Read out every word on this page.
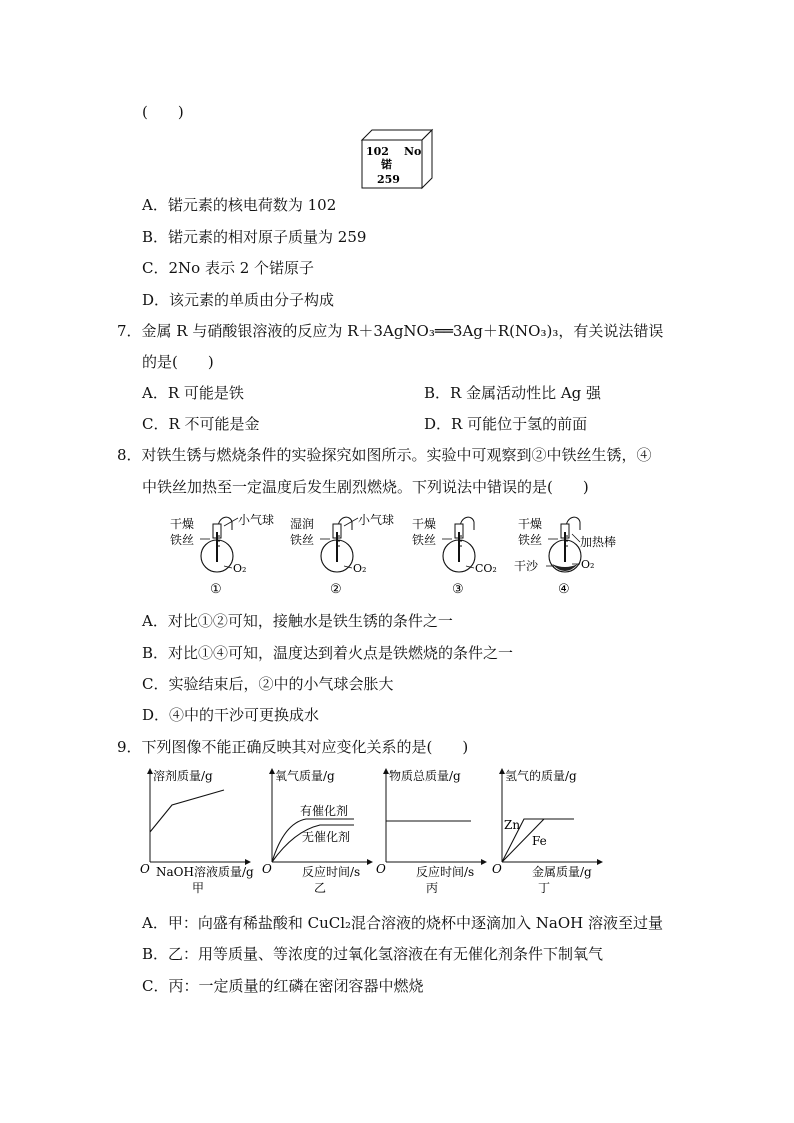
(　　)
102 No
锘
259
A．锘元素的核电荷数为 102
B．锘元素的相对原子质量为 259
C．2No 表示 2 个锘原子
D．该元素的单质由分子构成
7．金属 R 与硝酸银溶液的反应为 R＋3AgNO₃══3Ag＋R(NO₃)₃，有关说法错误
的是(　　)
A．R 可能是铁	B．R 金属活动性比 Ag 强
C．R 不可能是金	D．R 可能位于氢的前面
8．对铁生锈与燃烧条件的实验探究如图所示。实验中可观察到②中铁丝生锈，④
中铁丝加热至一定温度后发生剧烈燃烧。下列说法中错误的是(　　)
干燥
铁丝
小气球
O₂
①
湿润
铁丝
小气球
O₂
②
干燥
铁丝
CO₂
③
干燥
铁丝	加热棒
干沙	O₂
④
A．对比①②可知，接触水是铁生锈的条件之一
B．对比①④可知，温度达到着火点是铁燃烧的条件之一
C．实验结束后，②中的小气球会胀大
D．④中的干沙可更换成水
9．下列图像不能正确反映其对应变化关系的是(　　)
溶剂质量/g
O NaOH溶液质量/g
甲
氧气质量/g
有催化剂
无催化剂
O	反应时间/s
乙
物质总质量/g
O	反应时间/s
丙
氢气的质量/g
Zn
Fe
O	金属质量/g
丁
A．甲：向盛有稀盐酸和 CuCl₂混合溶液的烧杯中逐滴加入 NaOH 溶液至过量
B．乙：用等质量、等浓度的过氧化氢溶液在有无催化剂条件下制氧气
C．丙：一定质量的红磷在密闭容器中燃烧
